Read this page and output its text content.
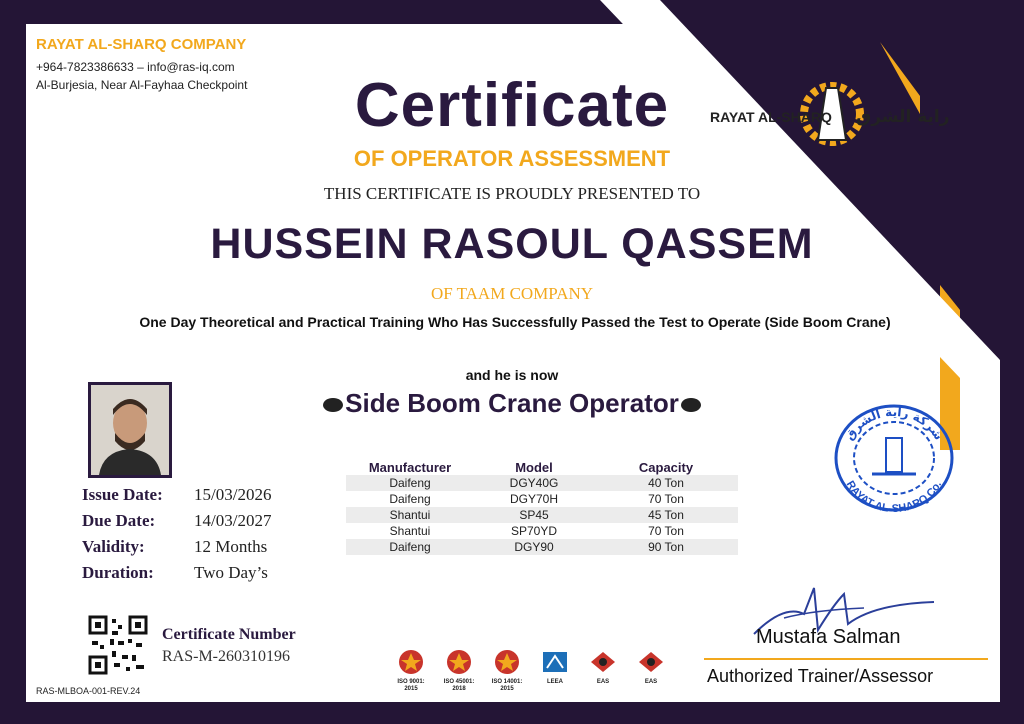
RAYAT AL-SHARQ COMPANY
+964-7823386633 – info@ras-iq.com
Al-Burjesia, Near Al-Fayhaa Checkpoint
RAYAT AL-SHARQ راية الشرق
Certificate
OF OPERATOR ASSESSMENT
THIS CERTIFICATE IS PROUDLY PRESENTED TO
HUSSEIN RASOUL QASSEM
OF TAAM COMPANY
One Day Theoretical and Practical Training Who Has Successfully Passed the Test to Operate (Side Boom Crane)
and he is now
Side Boom Crane Operator
Issue Date:	15/03/2026
Due Date:	14/03/2027
Validity:	12 Months
Duration:	Two Day’s
Manufacturer	Model	Capacity
Daifeng	DGY40G	40 Ton
Daifeng	DGY70H	70 Ton
Shantui	SP45	45 Ton
Shantui	SP70YD	70 Ton
Daifeng	DGY90	90 Ton
شركة راية الشرق
RAYAT AL-SHARQ Co.
Certificate Number
RAS-M-260310196
RAS-MLBOA-001-REV.24
ISO 9001:
2015
ISO 45001:
2018
ISO 14001:
2015
LEEA	EAS	EAS
Mustafa Salman
Authorized Trainer/Assessor
